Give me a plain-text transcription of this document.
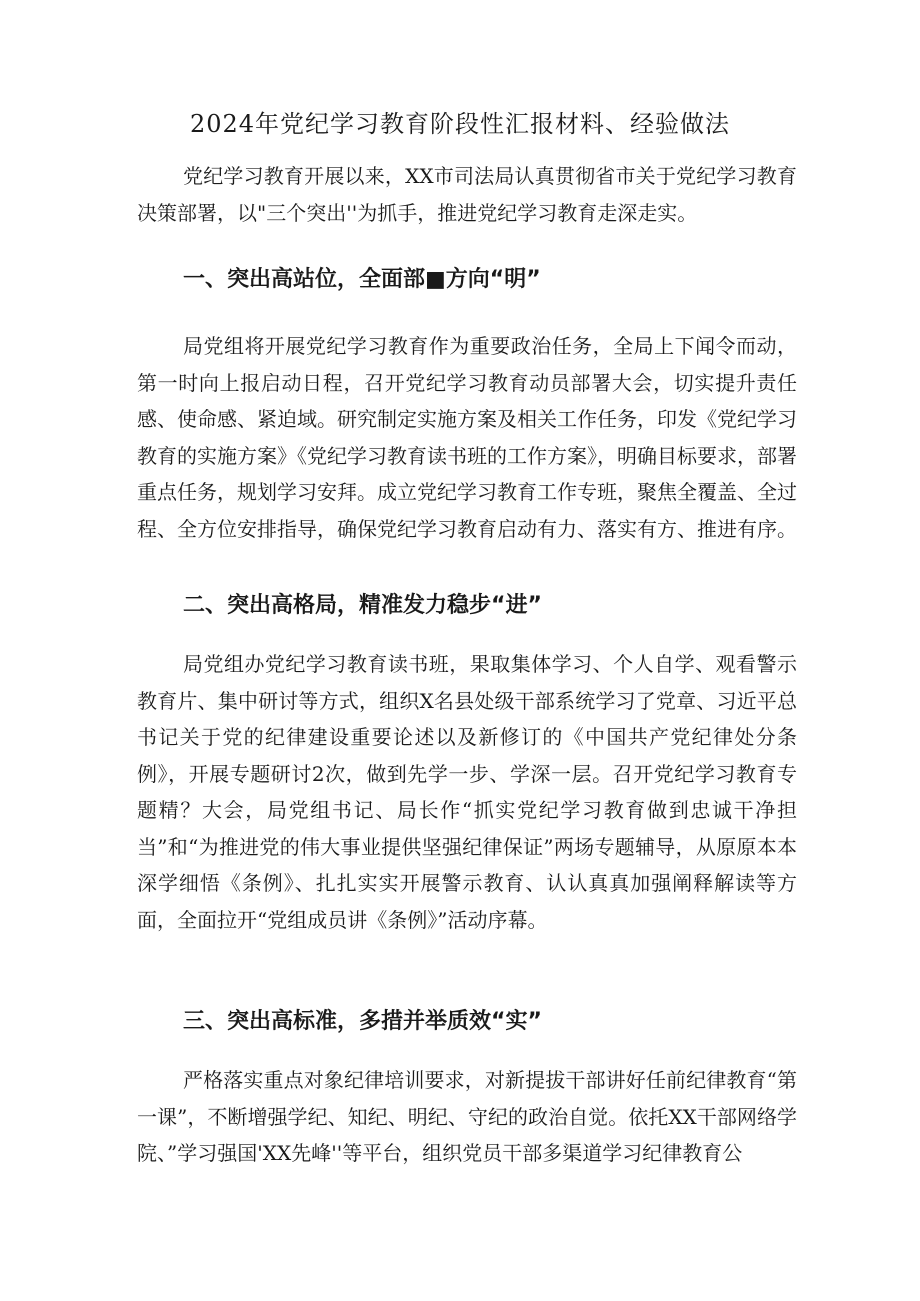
2024年党纪学习教育阶段性汇报材料、经验做法

党纪学习教育开展以来，XX市司法局认真贯彻省市关于党纪学习教育决策部署，以"三个突出''为抓手，推进党纪学习教育走深走实。

一、突出高站位，全面部■方向“明”

局党组将开展党纪学习教育作为重要政治任务，全局上下闻令而动，第一时向上报启动日程，召开党纪学习教育动员部署大会，切实提升责任感、使命感、紧迫域。研究制定实施方案及相关工作任务，印发《党纪学习教育的实施方案》《党纪学习教育读书班的工作方案》，明确目标要求，部署重点任务，规划学习安拜。成立党纪学习教育工作专班，聚焦全覆盖、全过程、全方位安排指导，确保党纪学习教育启动有力、落实有方、推进有序。

二、突出高格局，精准发力稳步“进”

局党组办党纪学习教育读书班，果取集体学习、个人自学、观看警示教育片、集中研讨等方式，组织X名县处级干部系统学习了党章、习近平总书记关于党的纪律建设重要论述以及新修订的《中国共产党纪律处分条例》，开展专题研讨2次，做到先学一步、学深一层。召开党纪学习教育专题精？大会，局党组书记、局长作“抓实党纪学习教育做到忠诚干净担当”和“为推进党的伟大事业提供坚强纪律保证”两场专题辅导，从原原本本深学细悟《条例》、扎扎实实开展警示教育、认认真真加强阐释解读等方面，全面拉开“党组成员讲《条例》”活动序幕。

三、突出高标准，多措并举质效“实”

严格落实重点对象纪律培训要求，对新提拔干部讲好任前纪律教育“第一课”，不断增强学纪、知纪、明纪、守纪的政治自觉。依托XX干部网络学院、”学习强国'XX先峰''等平台，组织党员干部多渠道学习纪律教育公
